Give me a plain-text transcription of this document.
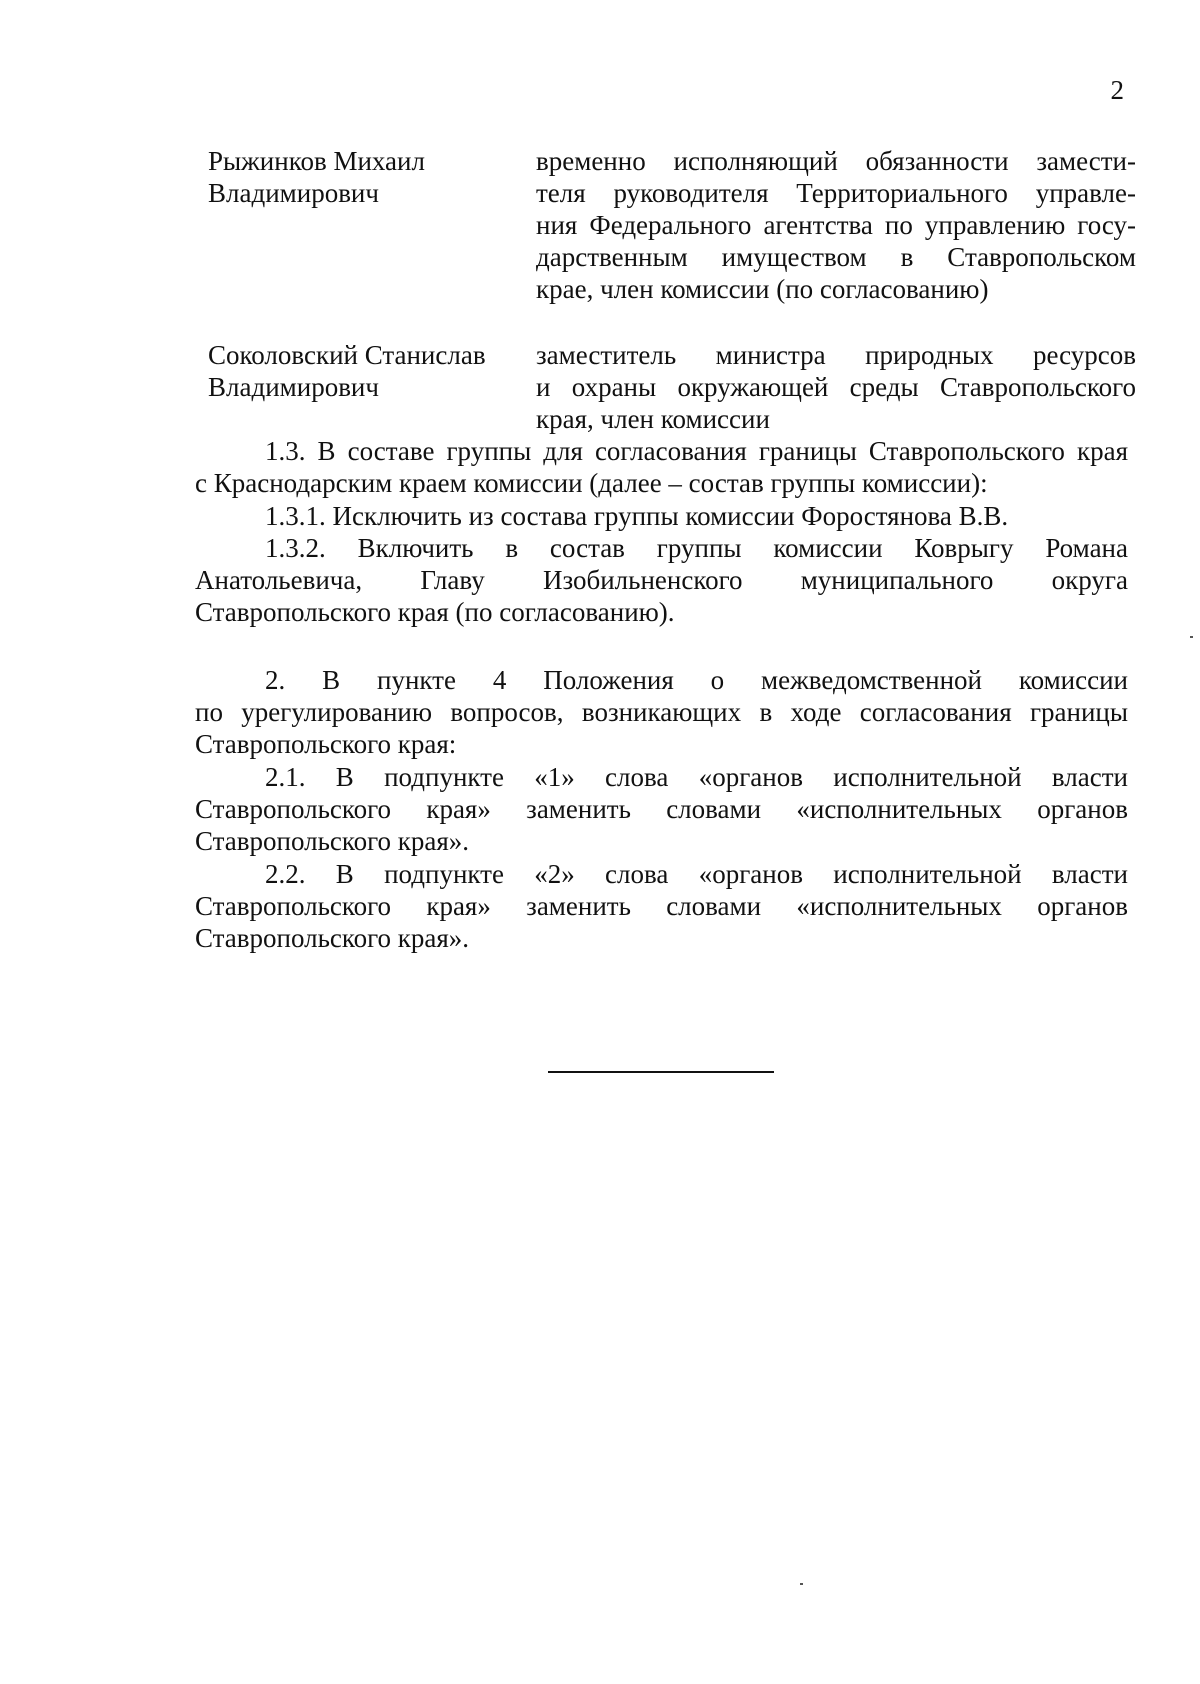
2
Рыжинков Михаил
Владимирович
временно исполняющий обязанности замести-
теля руководителя Территориального управле-
ния Федерального агентства по управлению госу-
дарственным имуществом в Ставропольском
крае, член комиссии (по согласованию)
Соколовский Станислав
Владимирович
заместитель министра природных ресурсов
и охраны окружающей среды Ставропольского
края, член комиссии
1.3. В составе группы для согласования границы Ставропольского края
с Краснодарским краем комиссии (далее – состав группы комиссии):
1.3.1. Исключить из состава группы комиссии Форостянова В.В.
1.3.2. Включить в состав группы комиссии Коврыгу Романа
Анатольевича, Главу Изобильненского муниципального округа
Ставропольского края (по согласованию).
2. В пункте 4 Положения о межведомственной комиссии
по урегулированию вопросов, возникающих в ходе согласования границы
Ставропольского края:
2.1. В подпункте «1» слова «органов исполнительной власти
Ставропольского края» заменить словами «исполнительных органов
Ставропольского края».
2.2. В подпункте «2» слова «органов исполнительной власти
Ставропольского края» заменить словами «исполнительных органов
Ставропольского края».
